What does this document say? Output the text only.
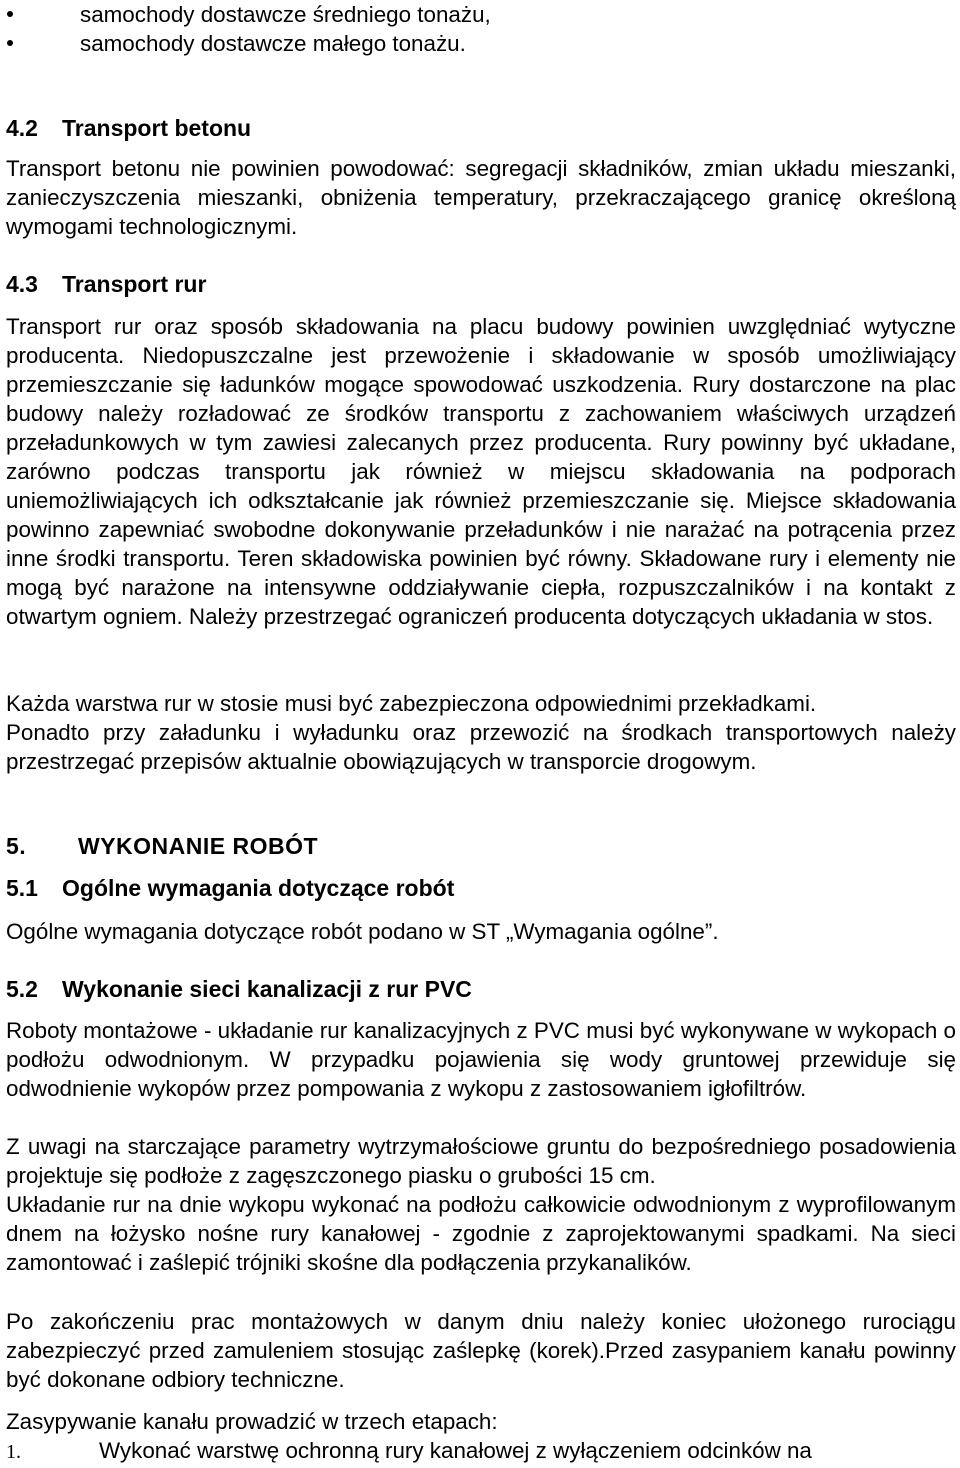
samochody dostawcze średniego tonażu,
samochody dostawcze małego tonażu.
4.2 Transport betonu

Transport betonu nie powinien powodować: segregacji składników, zmian układu mieszanki, zanieczyszczenia mieszanki, obniżenia temperatury, przekraczającego granicę określoną wymogami technologicznymi.

4.3 Transport rur

Transport rur oraz sposób składowania na placu budowy powinien uwzględniać wytyczne producenta. Niedopuszczalne jest przewożenie i składowanie w sposób umożliwiający przemieszczanie się ładunków mogące spowodować uszkodzenia. Rury dostarczone na plac budowy należy rozładować ze środków transportu z zachowaniem właściwych urządzeń przeładunkowych w tym zawiesi zalecanych przez producenta. Rury powinny być układane, zarówno podczas transportu jak również w miejscu składowania na podporach uniemożliwiających ich odkształcanie jak również przemieszczanie się. Miejsce składowania powinno zapewniać swobodne dokonywanie przeładunków i nie narażać na potrącenia przez inne środki transportu. Teren składowiska powinien być równy. Składowane rury i elementy nie mogą być narażone na intensywne oddziaływanie ciepła, rozpuszczalników i na kontakt z otwartym ogniem. Należy przestrzegać ograniczeń producenta dotyczących układania w stos.

Każda warstwa rur w stosie musi być zabezpieczona odpowiednimi przekładkami.

Ponadto przy załadunku i wyładunku oraz przewozić na środkach transportowych należy przestrzegać przepisów aktualnie obowiązujących w transporcie drogowym.

5. WYKONANIE ROBÓT
5.1 Ogólne wymagania dotyczące robót

Ogólne wymagania dotyczące robót podano w ST „Wymagania ogólne”.

5.2 Wykonanie sieci kanalizacji z rur PVC

Roboty montażowe - układanie rur kanalizacyjnych z PVC musi być wykonywane w wykopach o podłożu odwodnionym. W przypadku pojawienia się wody gruntowej przewiduje się odwodnienie wykopów przez pompowania z wykopu z zastosowaniem igłofiltrów.

Z uwagi na starczające parametry wytrzymałościowe gruntu do bezpośredniego posadowienia projektuje się podłoże z zagęszczonego piasku o grubości 15 cm.

Układanie rur na dnie wykopu wykonać na podłożu całkowicie odwodnionym z wyprofilowanym dnem na łożysko nośne rury kanałowej - zgodnie z zaprojektowanymi spadkami. Na sieci zamontować i zaślepić trójniki skośne dla podłączenia przykanalików.

Po zakończeniu prac montażowych w danym dniu należy koniec ułożonego rurociągu zabezpieczyć przed zamuleniem stosując zaślepkę (korek).Przed zasypaniem kanału powinny być dokonane odbiory techniczne.

Zasypywanie kanału prowadzić w trzech etapach:

1.	Wykonać warstwę ochronną rury kanałowej z wyłączeniem odcinków na
